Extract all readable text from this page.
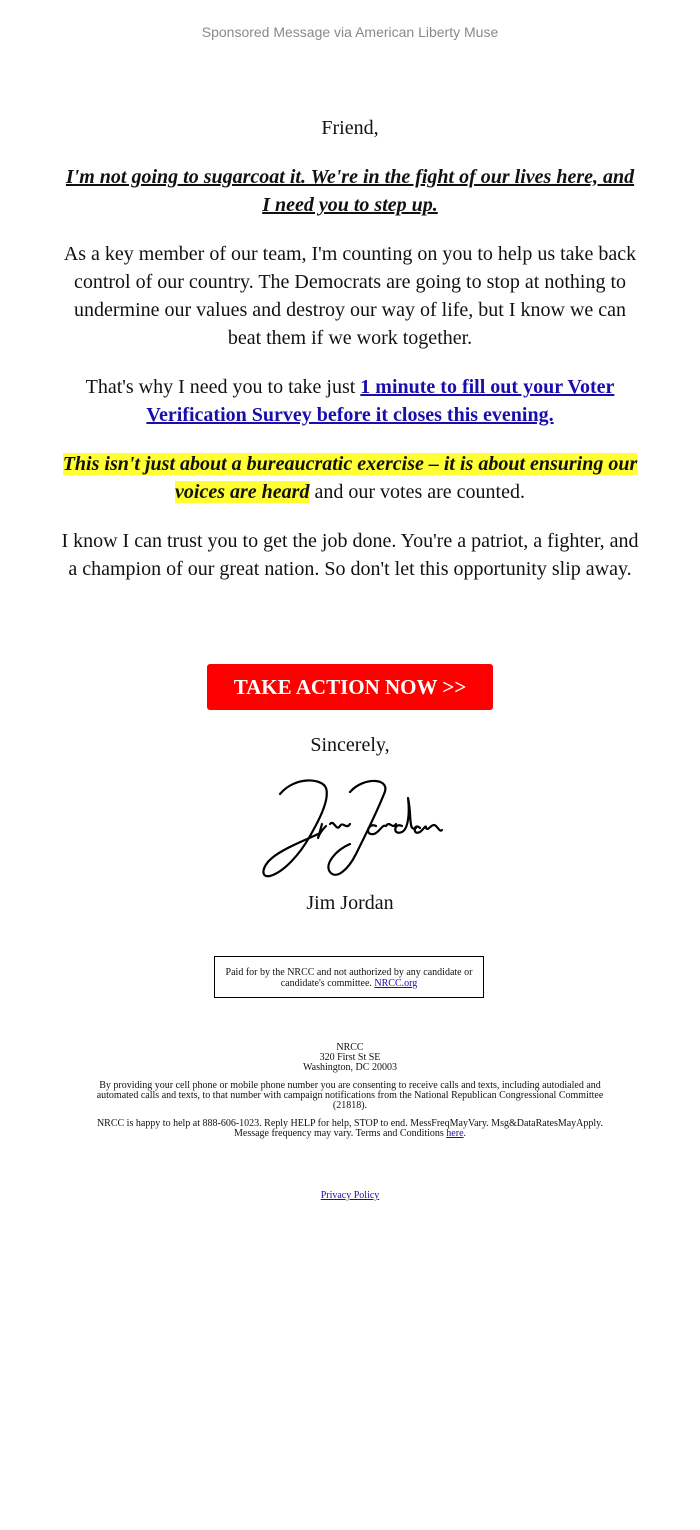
Sponsored Message via American Liberty Muse

Friend,

I'm not going to sugarcoat it. We're in the fight of our lives here, and I need you to step up.

As a key member of our team, I'm counting on you to help us take back control of our country. The Democrats are going to stop at nothing to undermine our values and destroy our way of life, but I know we can beat them if we work together.

That's why I need you to take just 1 minute to fill out your Voter Verification Survey before it closes this evening.

This isn't just about a bureaucratic exercise – it is about ensuring our voices are heard and our votes are counted.

I know I can trust you to get the job done. You're a patriot, a fighter, and a champion of our great nation. So don't let this opportunity slip away.

TAKE ACTION NOW >>
Sincerely,
Jim Jordan
Jim Jordan
Paid for by the NRCC and not authorized by any candidate or candidate's committee. NRCC.org

NRCC
320 First St SE
Washington, DC 20003

By providing your cell phone or mobile phone number you are consenting to receive calls and texts, including autodialed and automated calls and texts, to that number with campaign notifications from the National Republican Congressional Committee (21818).

NRCC is happy to help at 888-606-1023. Reply HELP for help, STOP to end. MessFreqMayVary. Msg&DataRatesMayApply. Message frequency may vary. Terms and Conditions here.

Privacy Policy
